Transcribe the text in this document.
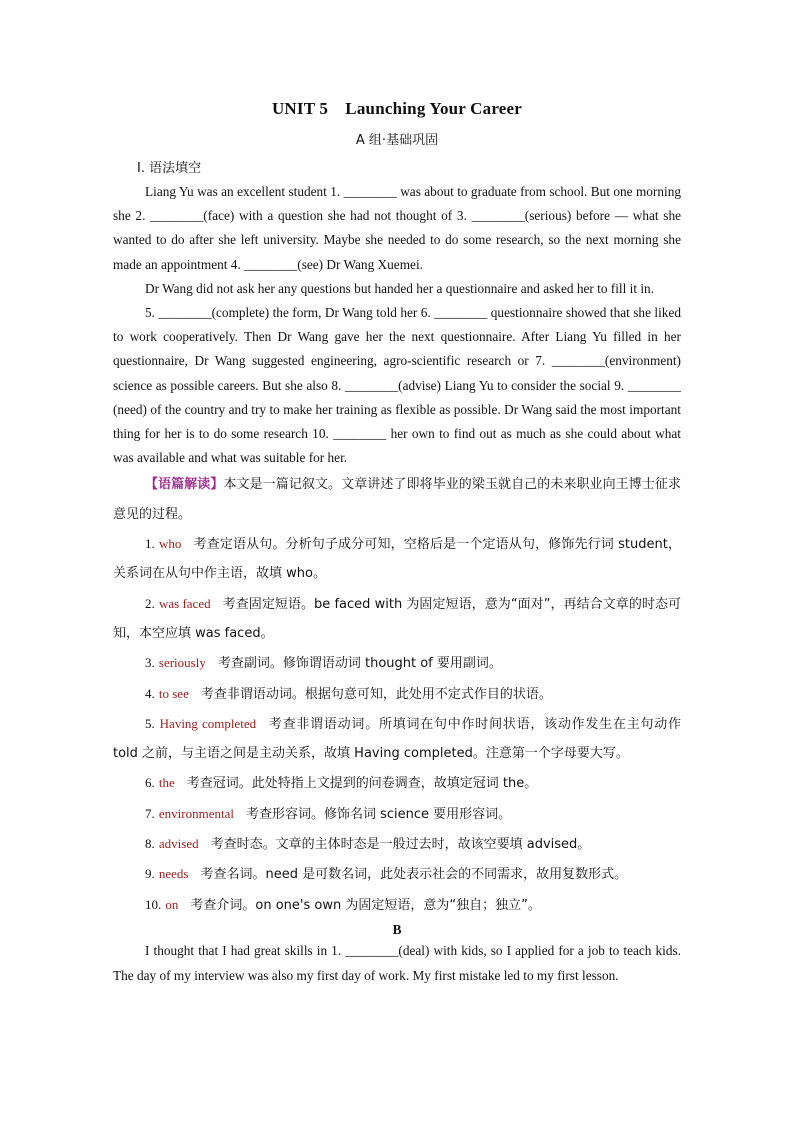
UNIT 5　Launching Your Career
A 组·基础巩固
Ⅰ. 语法填空

Liang Yu was an excellent student 1. ________ was about to graduate from school. But one morning she 2. ________(face) with a question she had not thought of 3. ________(serious) before — what she wanted to do after she left university. Maybe she needed to do some research, so the next morning she made an appointment 4. ________(see) Dr Wang Xuemei.

Dr Wang did not ask her any questions but handed her a questionnaire and asked her to fill it in.

5. ________(complete) the form, Dr Wang told her 6. ________ questionnaire showed that she liked to work cooperatively. Then Dr Wang gave her the next questionnaire. After Liang Yu filled in her questionnaire, Dr Wang suggested engineering, agro-scientific research or 7. ________(environment) science as possible careers. But she also 8. ________(advise) Liang Yu to consider the social 9. ________ (need) of the country and try to make her training as flexible as possible. Dr Wang said the most important thing for her is to do some research 10. ________ her own to find out as much as she could about what was available and what was suitable for her.

【语篇解读】本文是一篇记叙文。文章讲述了即将毕业的梁玉就自己的未来职业向王博士征求意见的过程。

1. who 考查定语从句。分析句子成分可知，空格后是一个定语从句，修饰先行词 student，关系词在从句中作主语，故填 who。

2. was faced 考查固定短语。be faced with 为固定短语，意为“面对”，再结合文章的时态可知，本空应填 was faced。

3. seriously 考查副词。修饰谓语动词 thought of 要用副词。

4. to see 考查非谓语动词。根据句意可知，此处用不定式作目的状语。

5. Having completed 考查非谓语动词。所填词在句中作时间状语，该动作发生在主句动作 told 之前，与主语之间是主动关系，故填 Having completed。注意第一个字母要大写。

6. the 考查冠词。此处特指上文提到的问卷调查，故填定冠词 the。

7. environmental 考查形容词。修饰名词 science 要用形容词。

8. advised 考查时态。文章的主体时态是一般过去时，故该空要填 advised。

9. needs 考查名词。need 是可数名词，此处表示社会的不同需求，故用复数形式。

10. on 考查介词。on one's own 为固定短语，意为“独自；独立”。

B

I thought that I had great skills in 1. ________(deal) with kids, so I applied for a job to teach kids. The day of my interview was also my first day of work. My first mistake led to my first lesson.
